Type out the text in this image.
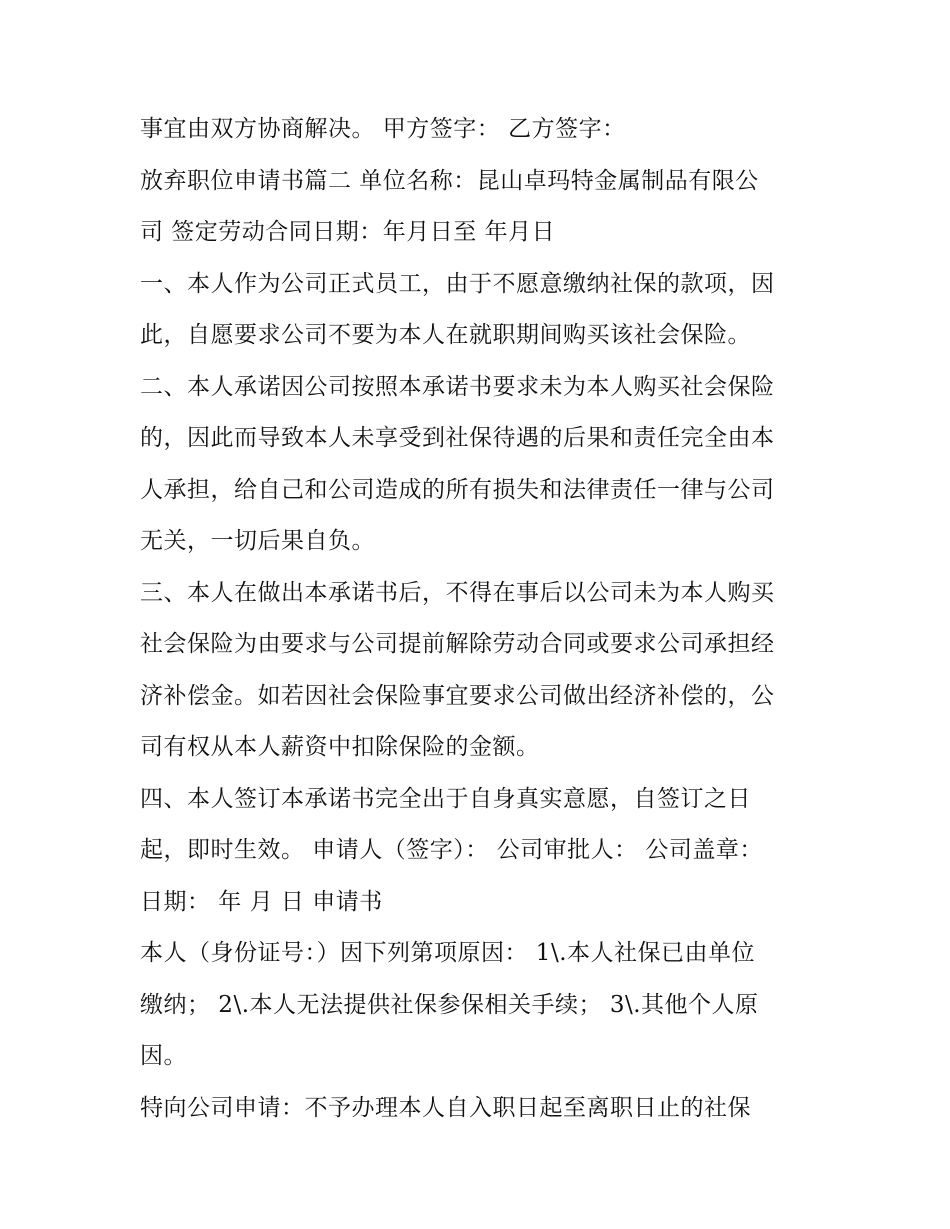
事宜由双方协商解决。 甲方签字： 乙方签字：
放弃职位申请书篇二 单位名称：昆山卓玛特金属制品有限公
司 签定劳动合同日期：年月日至 年月日
一、本人作为公司正式员工，由于不愿意缴纳社保的款项，因
此，自愿要求公司不要为本人在就职期间购买该社会保险。
二、本人承诺因公司按照本承诺书要求未为本人购买社会保险
的，因此而导致本人未享受到社保待遇的后果和责任完全由本
人承担，给自己和公司造成的所有损失和法律责任一律与公司
无关，一切后果自负。
三、本人在做出本承诺书后，不得在事后以公司未为本人购买
社会保险为由要求与公司提前解除劳动合同或要求公司承担经
济补偿金。如若因社会保险事宜要求公司做出经济补偿的，公
司有权从本人薪资中扣除保险的金额。
四、本人签订本承诺书完全出于自身真实意愿，自签订之日
起，即时生效。 申请人（签字）： 公司审批人： 公司盖章：
日期： 年 月 日 申请书
本人（身份证号：）因下列第项原因： 1\.本人社保已由单位
缴纳； 2\.本人无法提供社保参保相关手续； 3\.其他个人原
因。
特向公司申请：不予办理本人自入职日起至离职日止的社保
